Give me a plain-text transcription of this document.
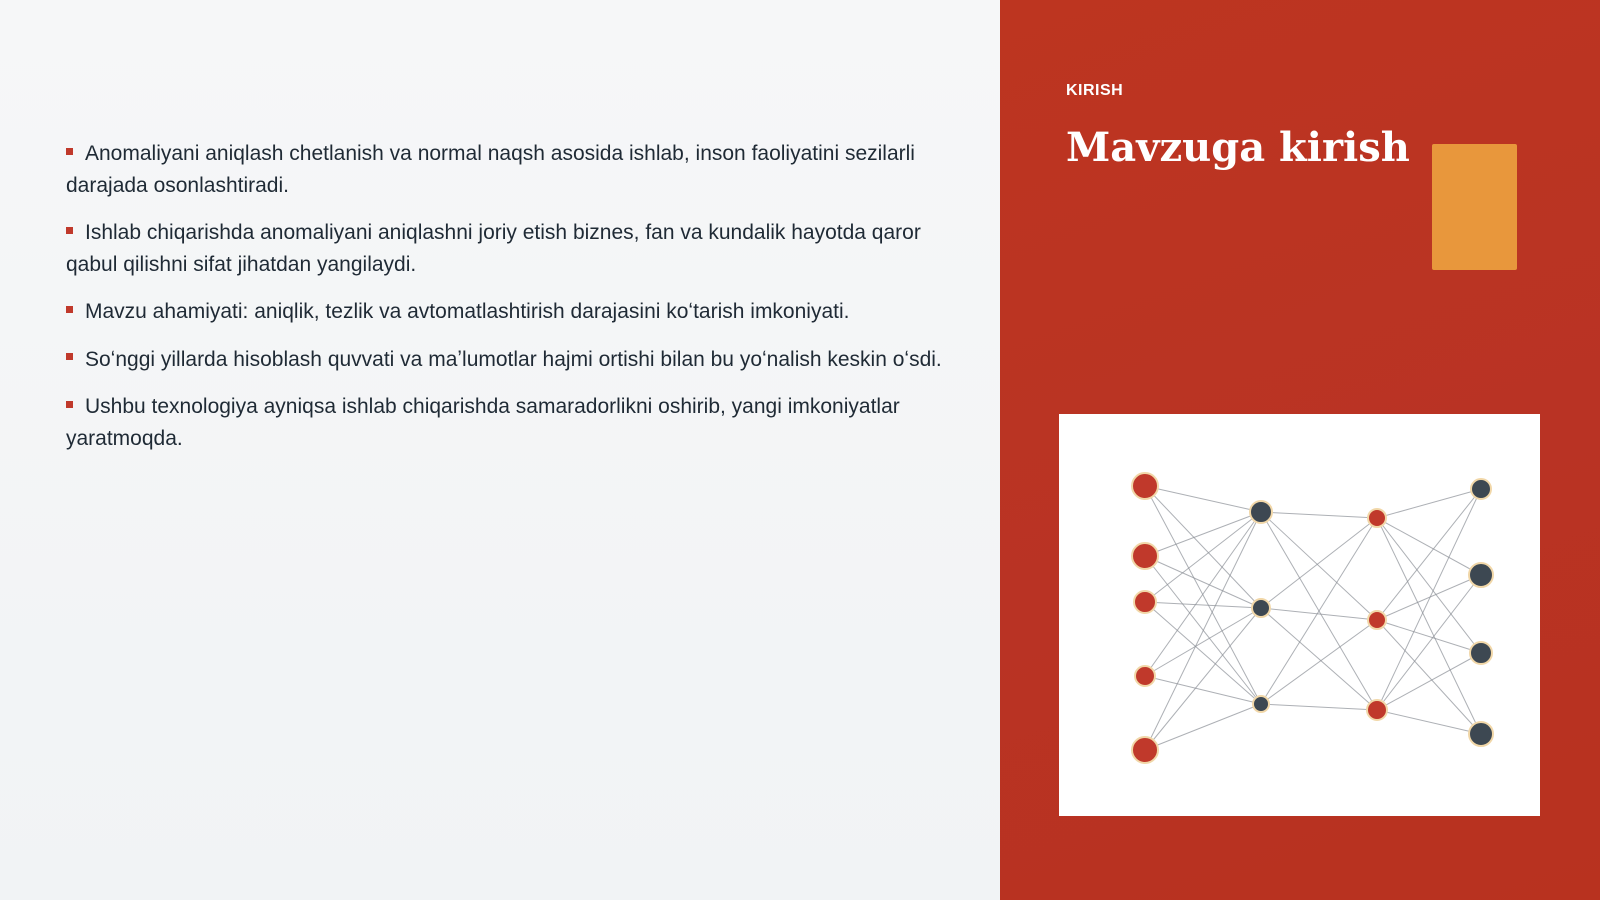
Anomaliyani aniqlash chetlanish va normal naqsh asosida ishlab, inson faoliyatini sezilarli darajada osonlashtiradi.
Ishlab chiqarishda anomaliyani aniqlashni joriy etish biznes, fan va kundalik hayotda qaror qabul qilishni sifat jihatdan yangilaydi.
Mavzu ahamiyati: aniqlik, tezlik va avtomatlashtirish darajasini koʻtarish imkoniyati.
Soʻnggi yillarda hisoblash quvvati va maʼlumotlar hajmi ortishi bilan bu yoʻnalish keskin oʻsdi.
Ushbu texnologiya ayniqsa ishlab chiqarishda samaradorlikni oshirib, yangi imkoniyatlar yaratmoqda.
KIRISH
Mavzuga kirish
